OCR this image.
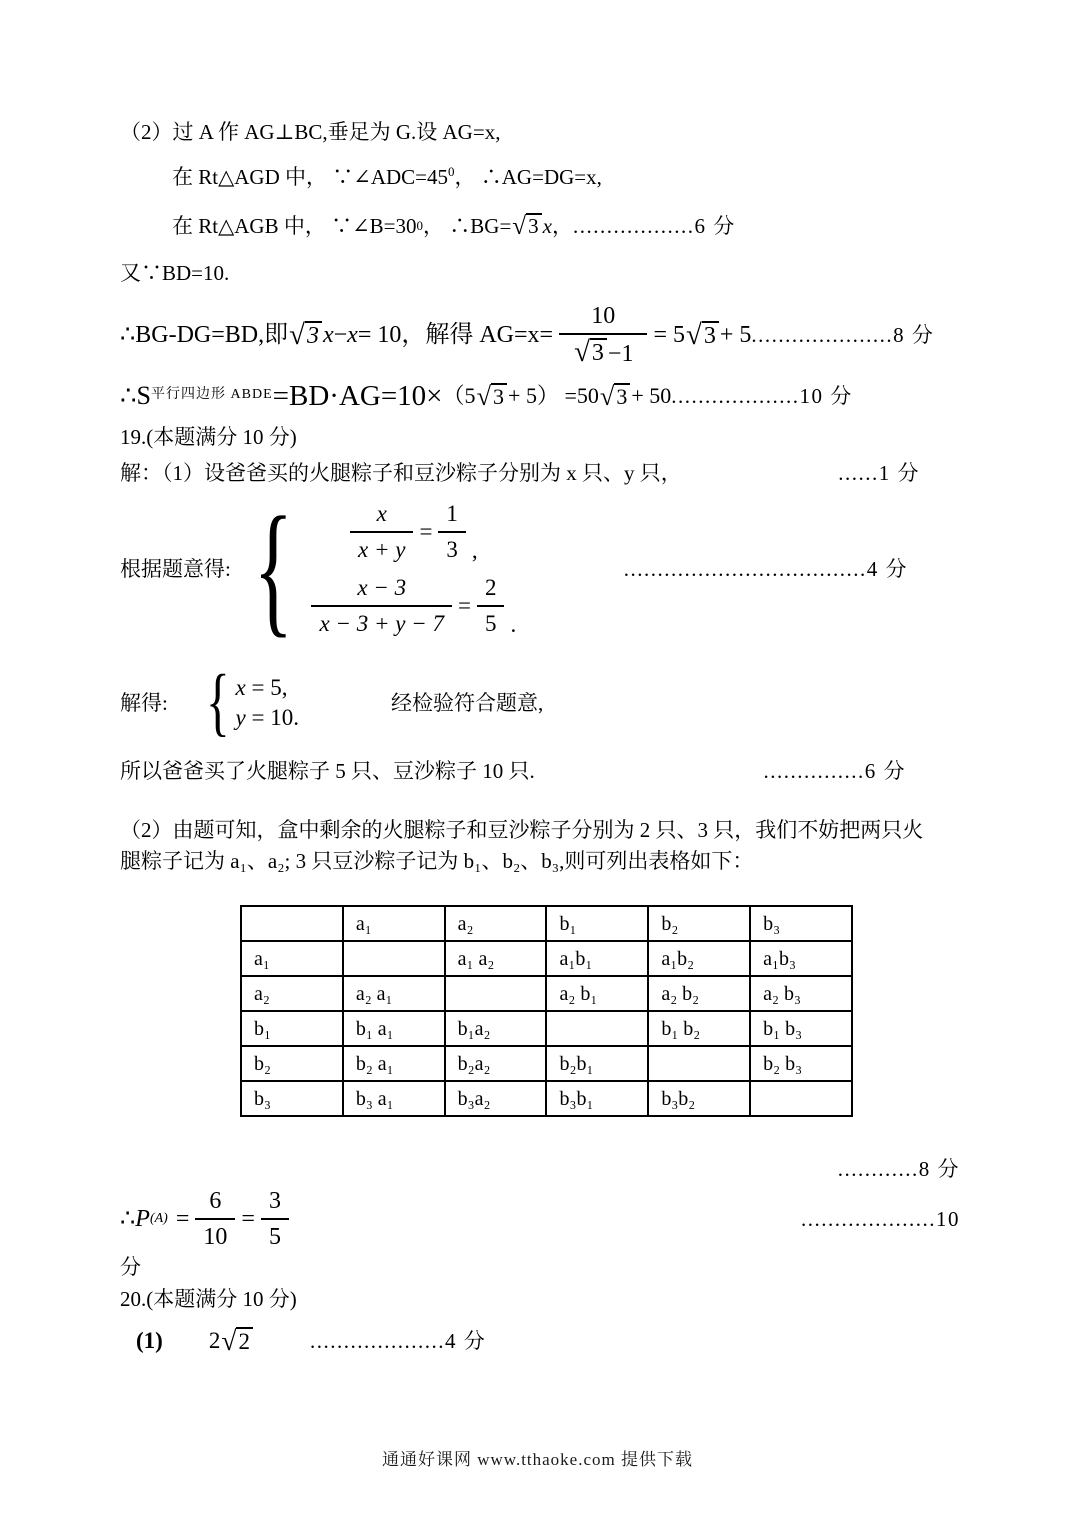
（2）过 A 作 AG⊥BC,垂足为 G.设 AG=x,
在 Rt△AGD 中， $\because\angle ADC=45^0$， ∴AG=DG=x,
在 Rt△AGB 中， ∵∠B=30 0 ， ∴BG= √ 3 x ， ..................6 分
又∵BD=10.
∴BG-DG=BD,即 √ 3 x − x = 10，解得 $AG=x= \frac{10}{√ 3 -1} = 5$ √ 3 + 5 .....................8 分
∴S 平行四边形 ABDE =BD·AG=10× （5 √ 3 + 5） =50 √ 3 + 50 ...................10 分
19.(本题满分 10 分)
解：（1）设爸爸买的火腿粽子和豆沙粽子分别为 x 只、y 只，	......1 分
根据题意得: { $\frac{x}{x + y} = \frac{1}{3}$ ,
$\frac{x - 3}{x - 3 + y - 7} = \frac{2}{5}$ .
....................................4 分
解得: { x = 5,
y = 10.
经检验符合题意,
所以爸爸买了火腿粽子 5 只、豆沙粽子 10 只.	...............6 分
（2）由题可知，盒中剩余的火腿粽子和豆沙粽子分别为 2 只、3 只，我们不妨把两只火
腿粽子记为 a₁、a₂; 3 只豆沙粽子记为 b₁、b₂、b₃,则可列出表格如下：
	a₁	a₂	b₁	b₂	b₃
a₁		a₁ a₂	a₁b₁	a₁b₂	a₁b₃
a₂	a₂ a₁		a₂ b₁	a₂ b₂	a₂ b₃
b₁	b₁ a₁	b₁a₂		b₁ b₂	b₁ b₃
b₂	b₂ a₁	b₂a₂	b₂b₁		b₂ b₃
b₃	b₃ a₁	b₃a₂	b₃b₁	b₃b₂	
............8 分
∴ P $(A) = \frac{6}{10} = \frac{3}{5}$	....................10
分
20.(本题满分 10 分)
(1) 2 √ 2	....................4 分
通通好课网 www.tthaoke.com 提供下载
